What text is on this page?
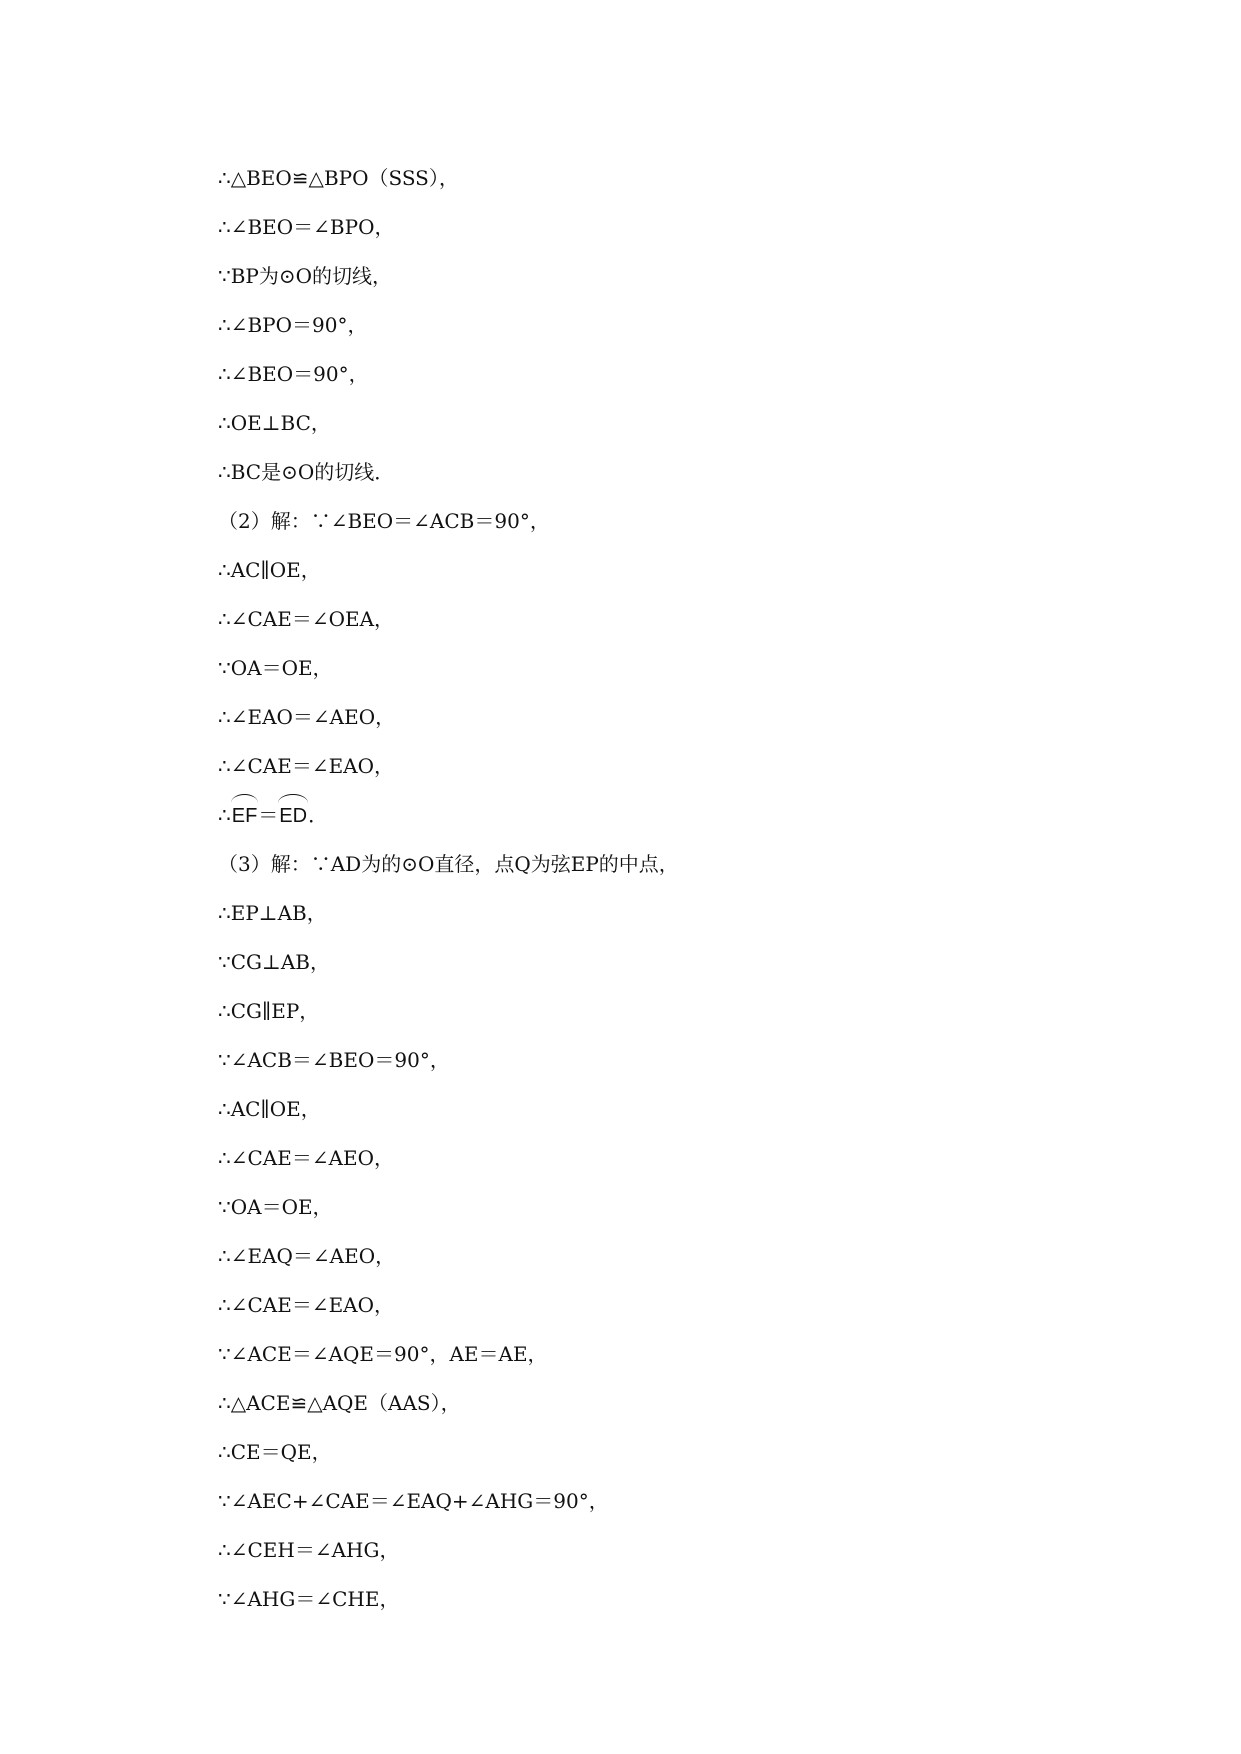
∴△BEO≌△BPO（SSS），
∴∠BEO＝∠BPO，
∵BP为⊙O的切线，
∴∠BPO＝90°，
∴∠BEO＝90°，
∴OE⊥BC，
∴BC是⊙O的切线．
（2）解：∵∠BEO＝∠ACB＝90°，
∴AC∥OE，
∴∠CAE＝∠OEA，
∵OA＝OE，
∴∠EAO＝∠AEO，
∴∠CAE＝∠EAO，
∴EF＝ED．
（3）解：∵AD为的⊙O直径，点Q为弦EP的中点，
∴EP⊥AB，
∵CG⊥AB，
∴CG∥EP，
∵∠ACB＝∠BEO＝90°，
∴AC∥OE，
∴∠CAE＝∠AEO，
∵OA＝OE，
∴∠EAQ＝∠AEO，
∴∠CAE＝∠EAO，
∵∠ACE＝∠AQE＝90°，AE＝AE，
∴△ACE≌△AQE（AAS），
∴CE＝QE，
∵∠AEC+∠CAE＝∠EAQ+∠AHG＝90°，
∴∠CEH＝∠AHG，
∵∠AHG＝∠CHE，
